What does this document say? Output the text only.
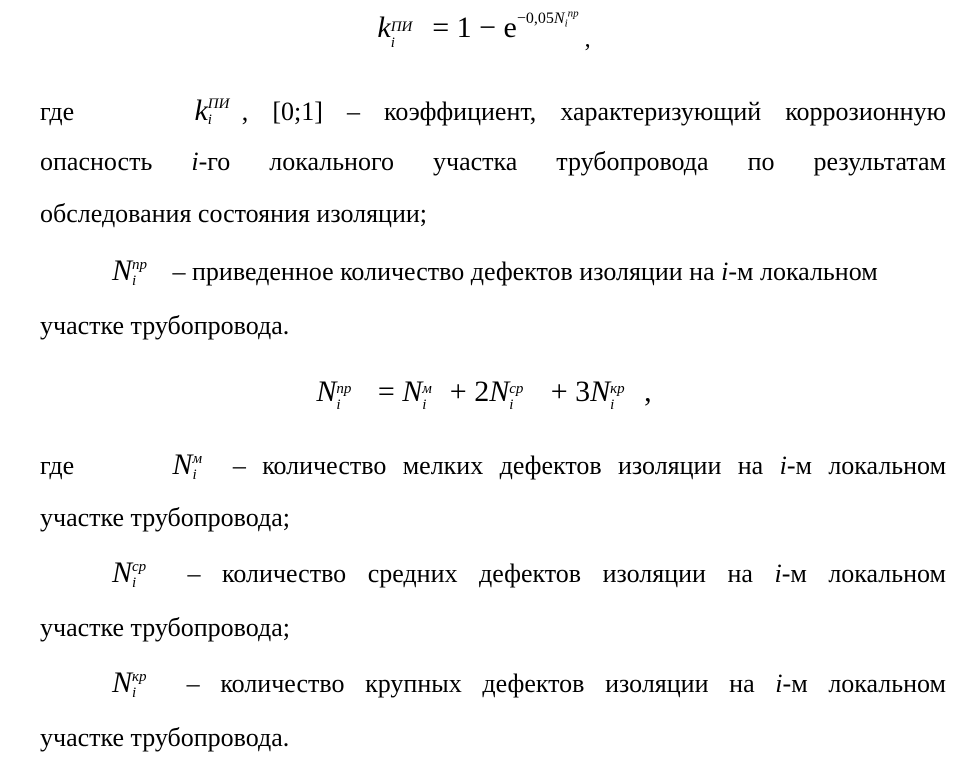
k ПИ
$i = 1 - e^{-0,05N_i^{пр}}$ ,
где	k ПИ
i , [0;1] – коэффициент, характеризующий коррозионную
опасность i-го локального участка трубопровода по результатам
обследования состояния изоляции;
N пр
i – приведенное количество дефектов изоляции на i-м локальном
участке трубопровода.
N пр
i = N м
i + 2N ср
i + 3N кр
i ,
где	N м
i – количество мелких дефектов изоляции на i-м локальном
участке трубопровода;
N ср
i – количество средних дефектов изоляции на i-м локальном
участке трубопровода;
N кр
i – количество крупных дефектов изоляции на i-м локальном
участке трубопровода.
